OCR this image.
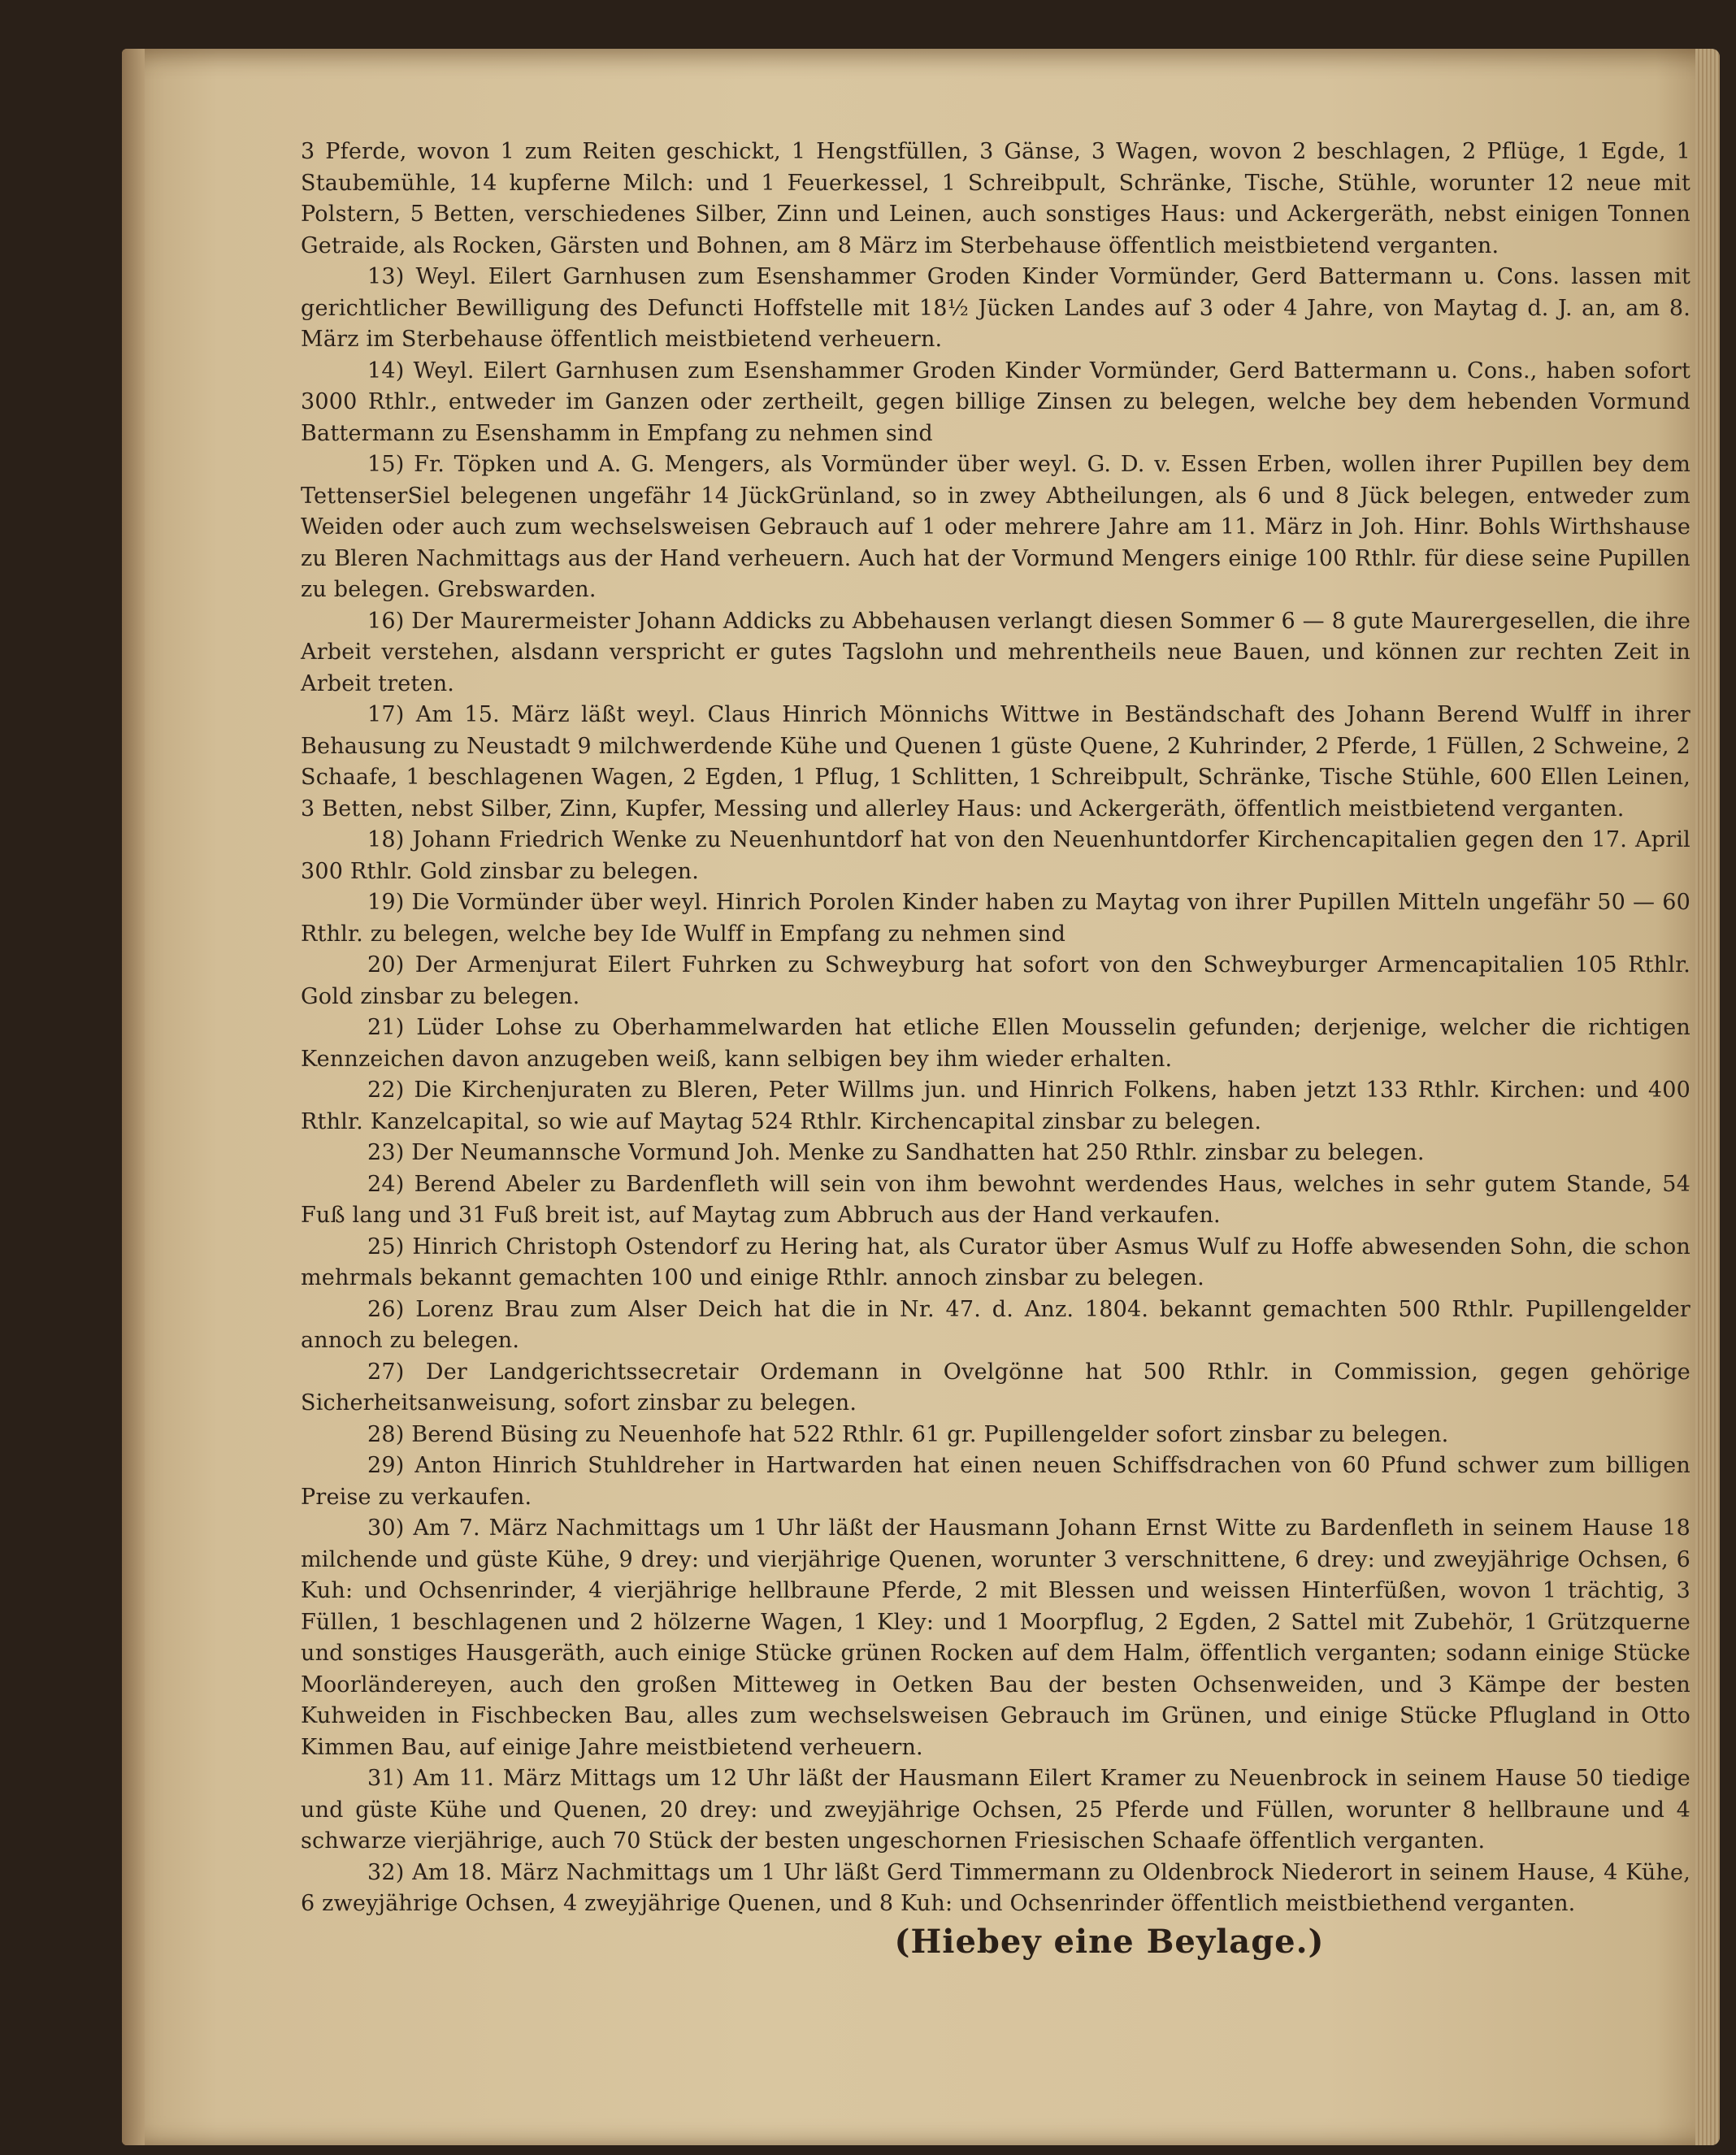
3 Pferde, wovon 1 zum Reiten geschickt, 1 Hengstfüllen, 3 Gänse, 3 Wagen, wovon 2 beschlagen, 2 Pflüge, 1 Egde, 1 Staubemühle, 14 kupferne Milch: und 1 Feuerkessel, 1 Schreibpult, Schränke, Tische, Stühle, worunter 12 neue mit Polstern, 5 Betten, verschiedenes Silber, Zinn und Leinen, auch sonstiges Haus: und Ackergeräth, nebst einigen Tonnen Getraide, als Rocken, Gärsten und Bohnen, am 8 März im Sterbehause öffentlich meistbietend verganten.

13) Weyl. Eilert Garnhusen zum Esenshammer Groden Kinder Vormünder, Gerd Battermann u. Cons. lassen mit gerichtlicher Bewilligung des Defuncti Hoffstelle mit 18½ Jücken Landes auf 3 oder 4 Jahre, von Maytag d. J. an, am 8. März im Sterbehause öffentlich meistbietend verheuern.

14) Weyl. Eilert Garnhusen zum Esenshammer Groden Kinder Vormünder, Gerd Battermann u. Cons., haben sofort 3000 Rthlr., entweder im Ganzen oder zertheilt, gegen billige Zinsen zu belegen, welche bey dem hebenden Vormund Battermann zu Esenshamm in Empfang zu nehmen sind

15) Fr. Töpken und A. G. Mengers, als Vormünder über weyl. G. D. v. Essen Erben, wollen ihrer Pupillen bey dem TettenserSiel belegenen ungefähr 14 JückGrünland, so in zwey Abtheilungen, als 6 und 8 Jück belegen, entweder zum Weiden oder auch zum wechselsweisen Gebrauch auf 1 oder mehrere Jahre am 11. März in Joh. Hinr. Bohls Wirthshause zu Bleren Nachmittags aus der Hand verheuern. Auch hat der Vormund Mengers einige 100 Rthlr. für diese seine Pupillen zu belegen. Grebswarden.

16) Der Maurermeister Johann Addicks zu Abbehausen verlangt diesen Sommer 6 — 8 gute Maurergesellen, die ihre Arbeit verstehen, alsdann verspricht er gutes Tagslohn und mehrentheils neue Bauen, und können zur rechten Zeit in Arbeit treten.

17) Am 15. März läßt weyl. Claus Hinrich Mönnichs Wittwe in Beständschaft des Johann Berend Wulff in ihrer Behausung zu Neustadt 9 milchwerdende Kühe und Quenen 1 güste Quene, 2 Kuhrinder, 2 Pferde, 1 Füllen, 2 Schweine, 2 Schaafe, 1 beschlagenen Wagen, 2 Egden, 1 Pflug, 1 Schlitten, 1 Schreibpult, Schränke, Tische Stühle, 600 Ellen Leinen, 3 Betten, nebst Silber, Zinn, Kupfer, Messing und allerley Haus: und Ackergeräth, öffentlich meistbietend verganten.

18) Johann Friedrich Wenke zu Neuenhuntdorf hat von den Neuenhuntdorfer Kirchencapitalien gegen den 17. April 300 Rthlr. Gold zinsbar zu belegen.

19) Die Vormünder über weyl. Hinrich Porolen Kinder haben zu Maytag von ihrer Pupillen Mitteln ungefähr 50 — 60 Rthlr. zu belegen, welche bey Ide Wulff in Empfang zu nehmen sind

20) Der Armenjurat Eilert Fuhrken zu Schweyburg hat sofort von den Schweyburger Armencapitalien 105 Rthlr. Gold zinsbar zu belegen.

21) Lüder Lohse zu Oberhammelwarden hat etliche Ellen Mousselin gefunden; derjenige, welcher die richtigen Kennzeichen davon anzugeben weiß, kann selbigen bey ihm wieder erhalten.

22) Die Kirchenjuraten zu Bleren, Peter Willms jun. und Hinrich Folkens, haben jetzt 133 Rthlr. Kirchen: und 400 Rthlr. Kanzelcapital, so wie auf Maytag 524 Rthlr. Kirchencapital zinsbar zu belegen.

23) Der Neumannsche Vormund Joh. Menke zu Sandhatten hat 250 Rthlr. zinsbar zu belegen.

24) Berend Abeler zu Bardenfleth will sein von ihm bewohnt werdendes Haus, welches in sehr gutem Stande, 54 Fuß lang und 31 Fuß breit ist, auf Maytag zum Abbruch aus der Hand verkaufen.

25) Hinrich Christoph Ostendorf zu Hering hat, als Curator über Asmus Wulf zu Hoffe abwesenden Sohn, die schon mehrmals bekannt gemachten 100 und einige Rthlr. annoch zinsbar zu belegen.

26) Lorenz Brau zum Alser Deich hat die in Nr. 47. d. Anz. 1804. bekannt gemachten 500 Rthlr. Pupillengelder annoch zu belegen.

27) Der Landgerichtssecretair Ordemann in Ovelgönne hat 500 Rthlr. in Commission, gegen gehörige Sicherheitsanweisung, sofort zinsbar zu belegen.

28) Berend Büsing zu Neuenhofe hat 522 Rthlr. 61 gr. Pupillengelder sofort zinsbar zu belegen.

29) Anton Hinrich Stuhldreher in Hartwarden hat einen neuen Schiffsdrachen von 60 Pfund schwer zum billigen Preise zu verkaufen.

30) Am 7. März Nachmittags um 1 Uhr läßt der Hausmann Johann Ernst Witte zu Bardenfleth in seinem Hause 18 milchende und güste Kühe, 9 drey: und vierjährige Quenen, worunter 3 verschnittene, 6 drey: und zweyjährige Ochsen, 6 Kuh: und Ochsenrinder, 4 vierjährige hellbraune Pferde, 2 mit Blessen und weissen Hinterfüßen, wovon 1 trächtig, 3 Füllen, 1 beschlagenen und 2 hölzerne Wagen, 1 Kley: und 1 Moorpflug, 2 Egden, 2 Sattel mit Zubehör, 1 Grützquerne und sonstiges Hausgeräth, auch einige Stücke grünen Rocken auf dem Halm, öffentlich verganten; sodann einige Stücke Moorländereyen, auch den großen Mitteweg in Oetken Bau der besten Ochsenweiden, und 3 Kämpe der besten Kuhweiden in Fischbecken Bau, alles zum wechselsweisen Gebrauch im Grünen, und einige Stücke Pflugland in Otto Kimmen Bau, auf einige Jahre meistbietend verheuern.

31) Am 11. März Mittags um 12 Uhr läßt der Hausmann Eilert Kramer zu Neuenbrock in seinem Hause 50 tiedige und güste Kühe und Quenen, 20 drey: und zweyjährige Ochsen, 25 Pferde und Füllen, worunter 8 hellbraune und 4 schwarze vierjährige, auch 70 Stück der besten ungeschornen Friesischen Schaafe öffentlich verganten.

32) Am 18. März Nachmittags um 1 Uhr läßt Gerd Timmermann zu Oldenbrock Niederort in seinem Hause, 4 Kühe, 6 zweyjährige Ochsen, 4 zweyjährige Quenen, und 8 Kuh: und Ochsenrinder öffentlich meistbiethend verganten.

(Hiebey eine Beylage.)
